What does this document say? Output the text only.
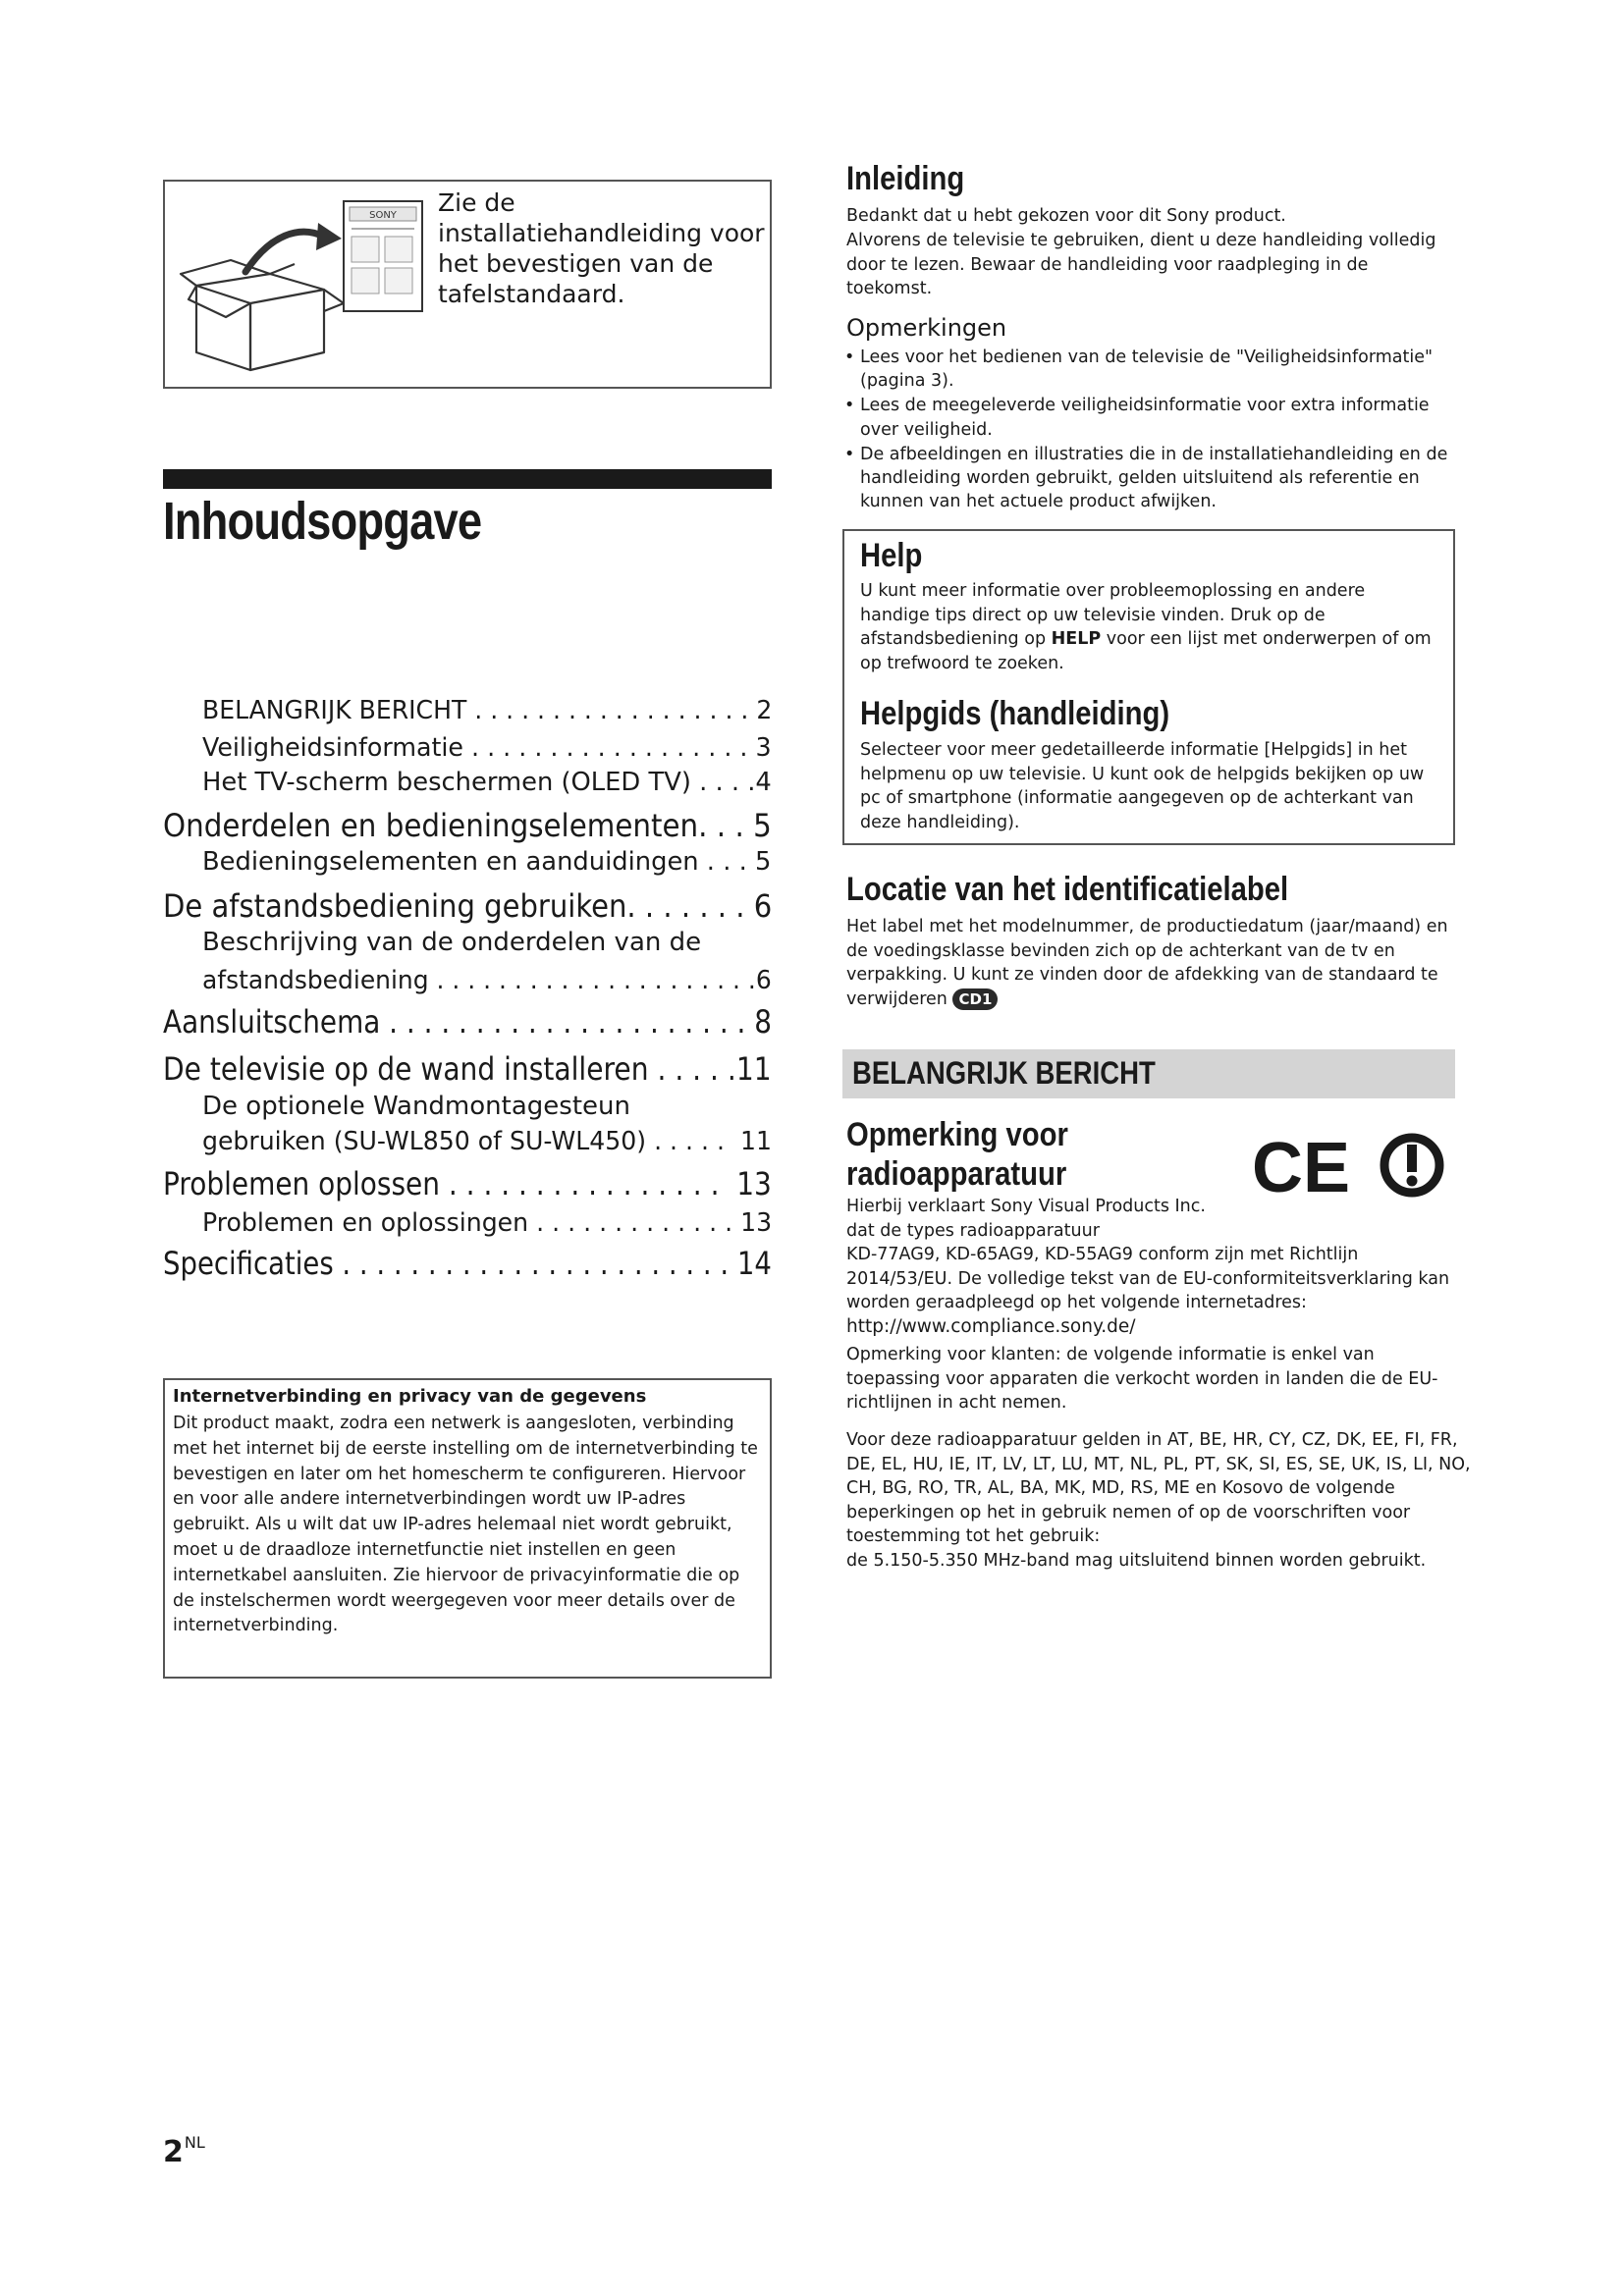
SONY Zie de installatiehandleiding voor het bevestigen van de tafelstandaard.
Inhoudsopgave
BELANGRIJK BERICHT . . . . . . . . . . . . . . . . . . 2
Veiligheidsinformatie . . . . . . . . . . . . . . . . . . 3
Het TV-scherm beschermen (OLED TV) . . . .4
Onderdelen en bedieningselementen. . . 5
Bedieningselementen en aanduidingen . . . 5
De afstandsbediening gebruiken. . . . . . . 6
Beschrijving van de onderdelen van de
afstandsbediening . . . . . . . . . . . . . . . . . . . . .6
Aansluitschema . . . . . . . . . . . . . . . . . . . . . 8
De televisie op de wand installeren . . . . .11
De optionele Wandmontagesteun
gebruiken (SU-WL850 of SU-WL450) . . . . .  11
Problemen oplossen . . . . . . . . . . . . . . . .  13
Problemen en oplossingen . . . . . . . . . . . . . 13
Specificaties . . . . . . . . . . . . . . . . . . . . . . . 14
Internetverbinding en privacy van de gegevens
Dit product maakt, zodra een netwerk is aangesloten, verbinding met het internet bij de eerste instelling om de internetverbinding te bevestigen en later om het homescherm te configureren. Hiervoor en voor alle andere internetverbindingen wordt uw IP-adres gebruikt. Als u wilt dat uw IP-adres helemaal niet wordt gebruikt, moet u de draadloze internetfunctie niet instellen en geen internetkabel aansluiten. Zie hiervoor de privacyinformatie die op de instelschermen wordt weergegeven voor meer details over de internetverbinding.
Inleiding
Bedankt dat u hebt gekozen voor dit Sony product.
Alvorens de televisie te gebruiken, dient u deze handleiding volledig door te lezen. Bewaar de handleiding voor raadpleging in de toekomst.
Opmerkingen
• Lees voor het bedienen van de televisie de "Veiligheidsinformatie" (pagina 3).
• Lees de meegeleverde veiligheidsinformatie voor extra informatie over veiligheid.
• De afbeeldingen en illustraties die in de installatiehandleiding en de handleiding worden gebruikt, gelden uitsluitend als referentie en kunnen van het actuele product afwijken.
Help
U kunt meer informatie over probleemoplossing en andere handige tips direct op uw televisie vinden. Druk op de afstandsbediening op HELP voor een lijst met onderwerpen of om op trefwoord te zoeken.
Helpgids (handleiding)
Selecteer voor meer gedetailleerde informatie [Helpgids] in het helpmenu op uw televisie. U kunt ook de helpgids bekijken op uw pc of smartphone (informatie aangegeven op de achterkant van deze handleiding).
Locatie van het identificatielabel
Het label met het modelnummer, de productiedatum (jaar/maand) en de voedingsklasse bevinden zich op de achterkant van de tv en verpakking. U kunt ze vinden door de afdekking van de standaard te verwijderen CD1
BELANGRIJK BERICHT
Opmerking voor
radioapparatuur	CE
Hierbij verklaart Sony Visual Products Inc.
dat de types radioapparatuur
KD-77AG9, KD-65AG9, KD-55AG9 conform zijn met Richtlijn 2014/53/EU. De volledige tekst van de EU-conformiteitsverklaring kan worden geraadpleegd op het volgende internetadres:
http://www.compliance.sony.de/
Opmerking voor klanten: de volgende informatie is enkel van toepassing voor apparaten die verkocht worden in landen die de EU-richtlijnen in acht nemen.
Voor deze radioapparatuur gelden in AT, BE, HR, CY, CZ, DK, EE, FI, FR, DE, EL, HU, IE, IT, LV, LT, LU, MT, NL, PL, PT, SK, SI, ES, SE, UK, IS, LI, NO, CH, BG, RO, TR, AL, BA, MK, MD, RS, ME en Kosovo de volgende beperkingen op het in gebruik nemen of op de voorschriften voor toestemming tot het gebruik:
de 5.150-5.350 MHz-band mag uitsluitend binnen worden gebruikt.
$2^{NL}$
